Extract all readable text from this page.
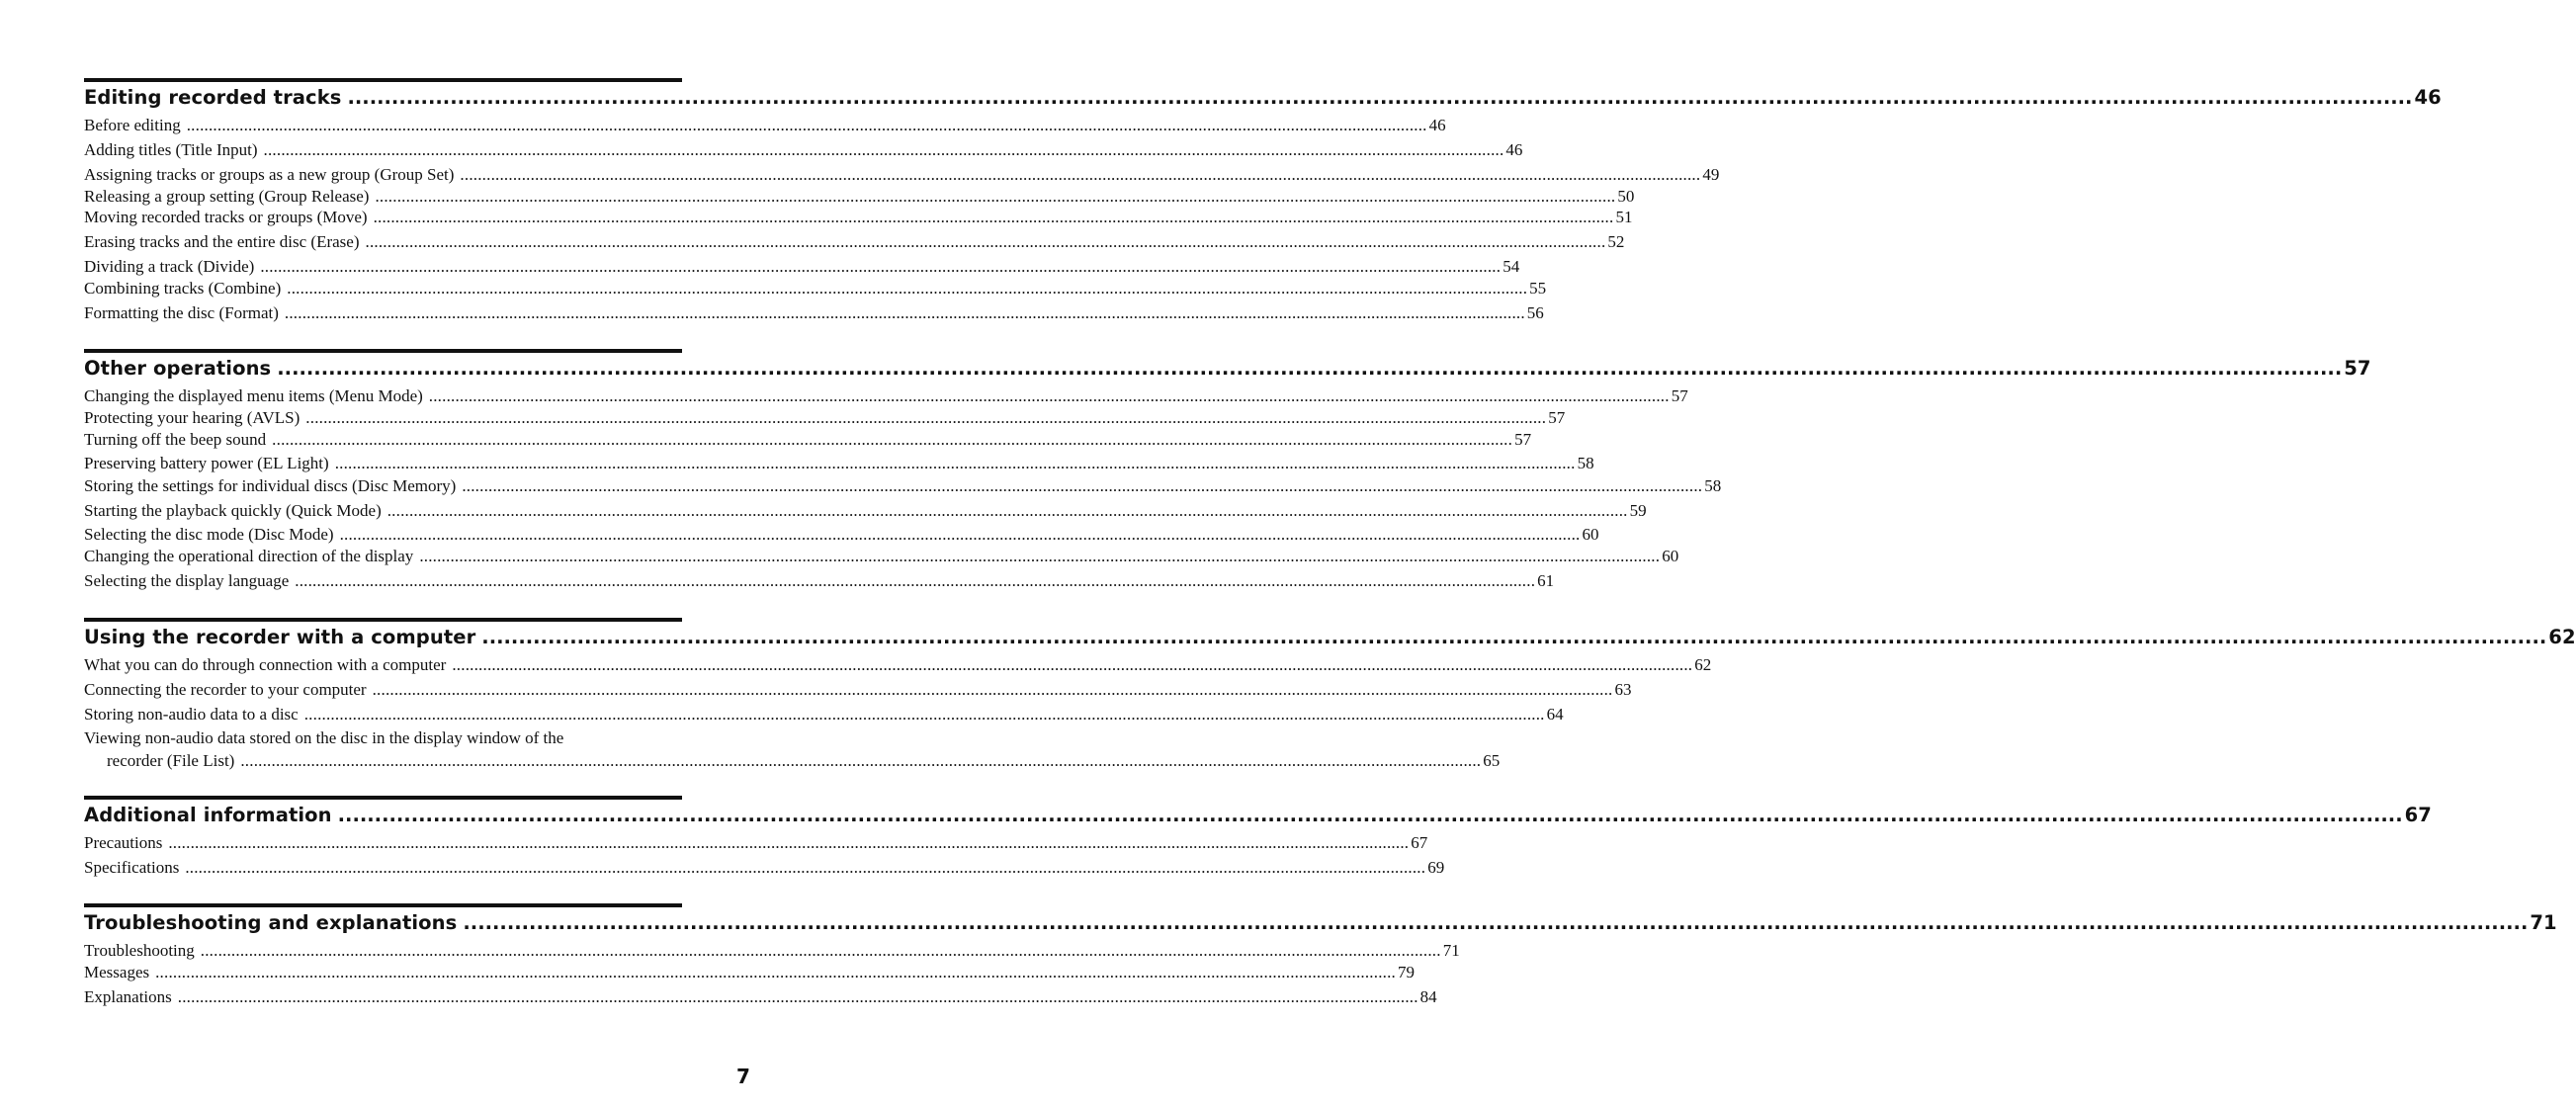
Editing recorded tracks .......................................................................................................................................................................................................................................................................................... 46
Before editing .......................................................................................................................................................................................................................................................................................... 46
Adding titles (Title Input) .......................................................................................................................................................................................................................................................................................... 46
Assigning tracks or groups as a new group (Group Set) .......................................................................................................................................................................................................................................................................................... 49
Releasing a group setting (Group Release) .......................................................................................................................................................................................................................................................................................... 50
Moving recorded tracks or groups (Move) .......................................................................................................................................................................................................................................................................................... 51
Erasing tracks and the entire disc (Erase) .......................................................................................................................................................................................................................................................................................... 52
Dividing a track (Divide) .......................................................................................................................................................................................................................................................................................... 54
Combining tracks (Combine) .......................................................................................................................................................................................................................................................................................... 55
Formatting the disc (Format) .......................................................................................................................................................................................................................................................................................... 56
Other operations .......................................................................................................................................................................................................................................................................................... 57
Changing the displayed menu items (Menu Mode) .......................................................................................................................................................................................................................................................................................... 57
Protecting your hearing (AVLS) .......................................................................................................................................................................................................................................................................................... 57
Turning off the beep sound .......................................................................................................................................................................................................................................................................................... 57
Preserving battery power (EL Light) .......................................................................................................................................................................................................................................................................................... 58
Storing the settings for individual discs (Disc Memory) .......................................................................................................................................................................................................................................................................................... 58
Starting the playback quickly (Quick Mode) .......................................................................................................................................................................................................................................................................................... 59
Selecting the disc mode (Disc Mode) .......................................................................................................................................................................................................................................................................................... 60
Changing the operational direction of the display .......................................................................................................................................................................................................................................................................................... 60
Selecting the display language .......................................................................................................................................................................................................................................................................................... 61
Using the recorder with a computer .......................................................................................................................................................................................................................................................................................... 62
What you can do through connection with a computer .......................................................................................................................................................................................................................................................................................... 62
Connecting the recorder to your computer .......................................................................................................................................................................................................................................................................................... 63
Storing non-audio data to a disc .......................................................................................................................................................................................................................................................................................... 64
Viewing non-audio data stored on the disc in the display window of the
recorder (File List) .......................................................................................................................................................................................................................................................................................... 65
Additional information .......................................................................................................................................................................................................................................................................................... 67
Precautions .......................................................................................................................................................................................................................................................................................... 67
Specifications .......................................................................................................................................................................................................................................................................................... 69
Troubleshooting and explanations .......................................................................................................................................................................................................................................................................................... 71
Troubleshooting .......................................................................................................................................................................................................................................................................................... 71
Messages .......................................................................................................................................................................................................................................................................................... 79
Explanations .......................................................................................................................................................................................................................................................................................... 84
7
